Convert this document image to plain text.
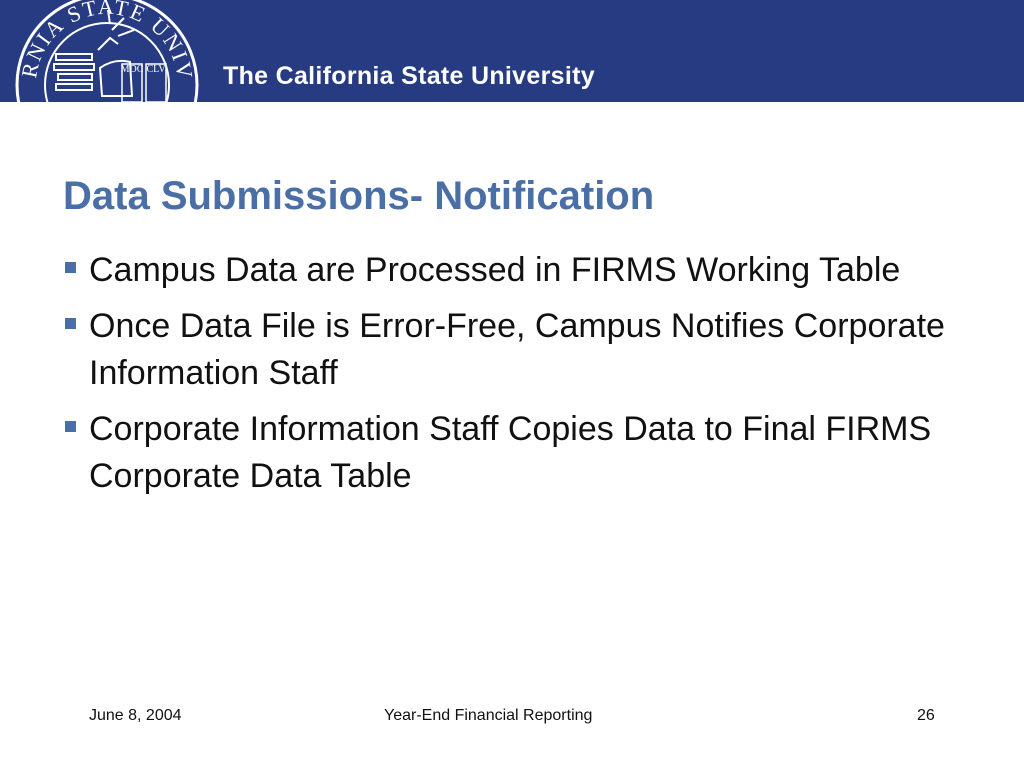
RNIA STATE UNIV
MDC CLV The California State University
Data Submissions- Notification
Campus Data are Processed in FIRMS Working Table
Once Data File is Error-Free, Campus Notifies Corporate Information Staff
Corporate Information Staff Copies Data to Final FIRMS Corporate Data Table
June 8, 2004	Year-End Financial Reporting	26
